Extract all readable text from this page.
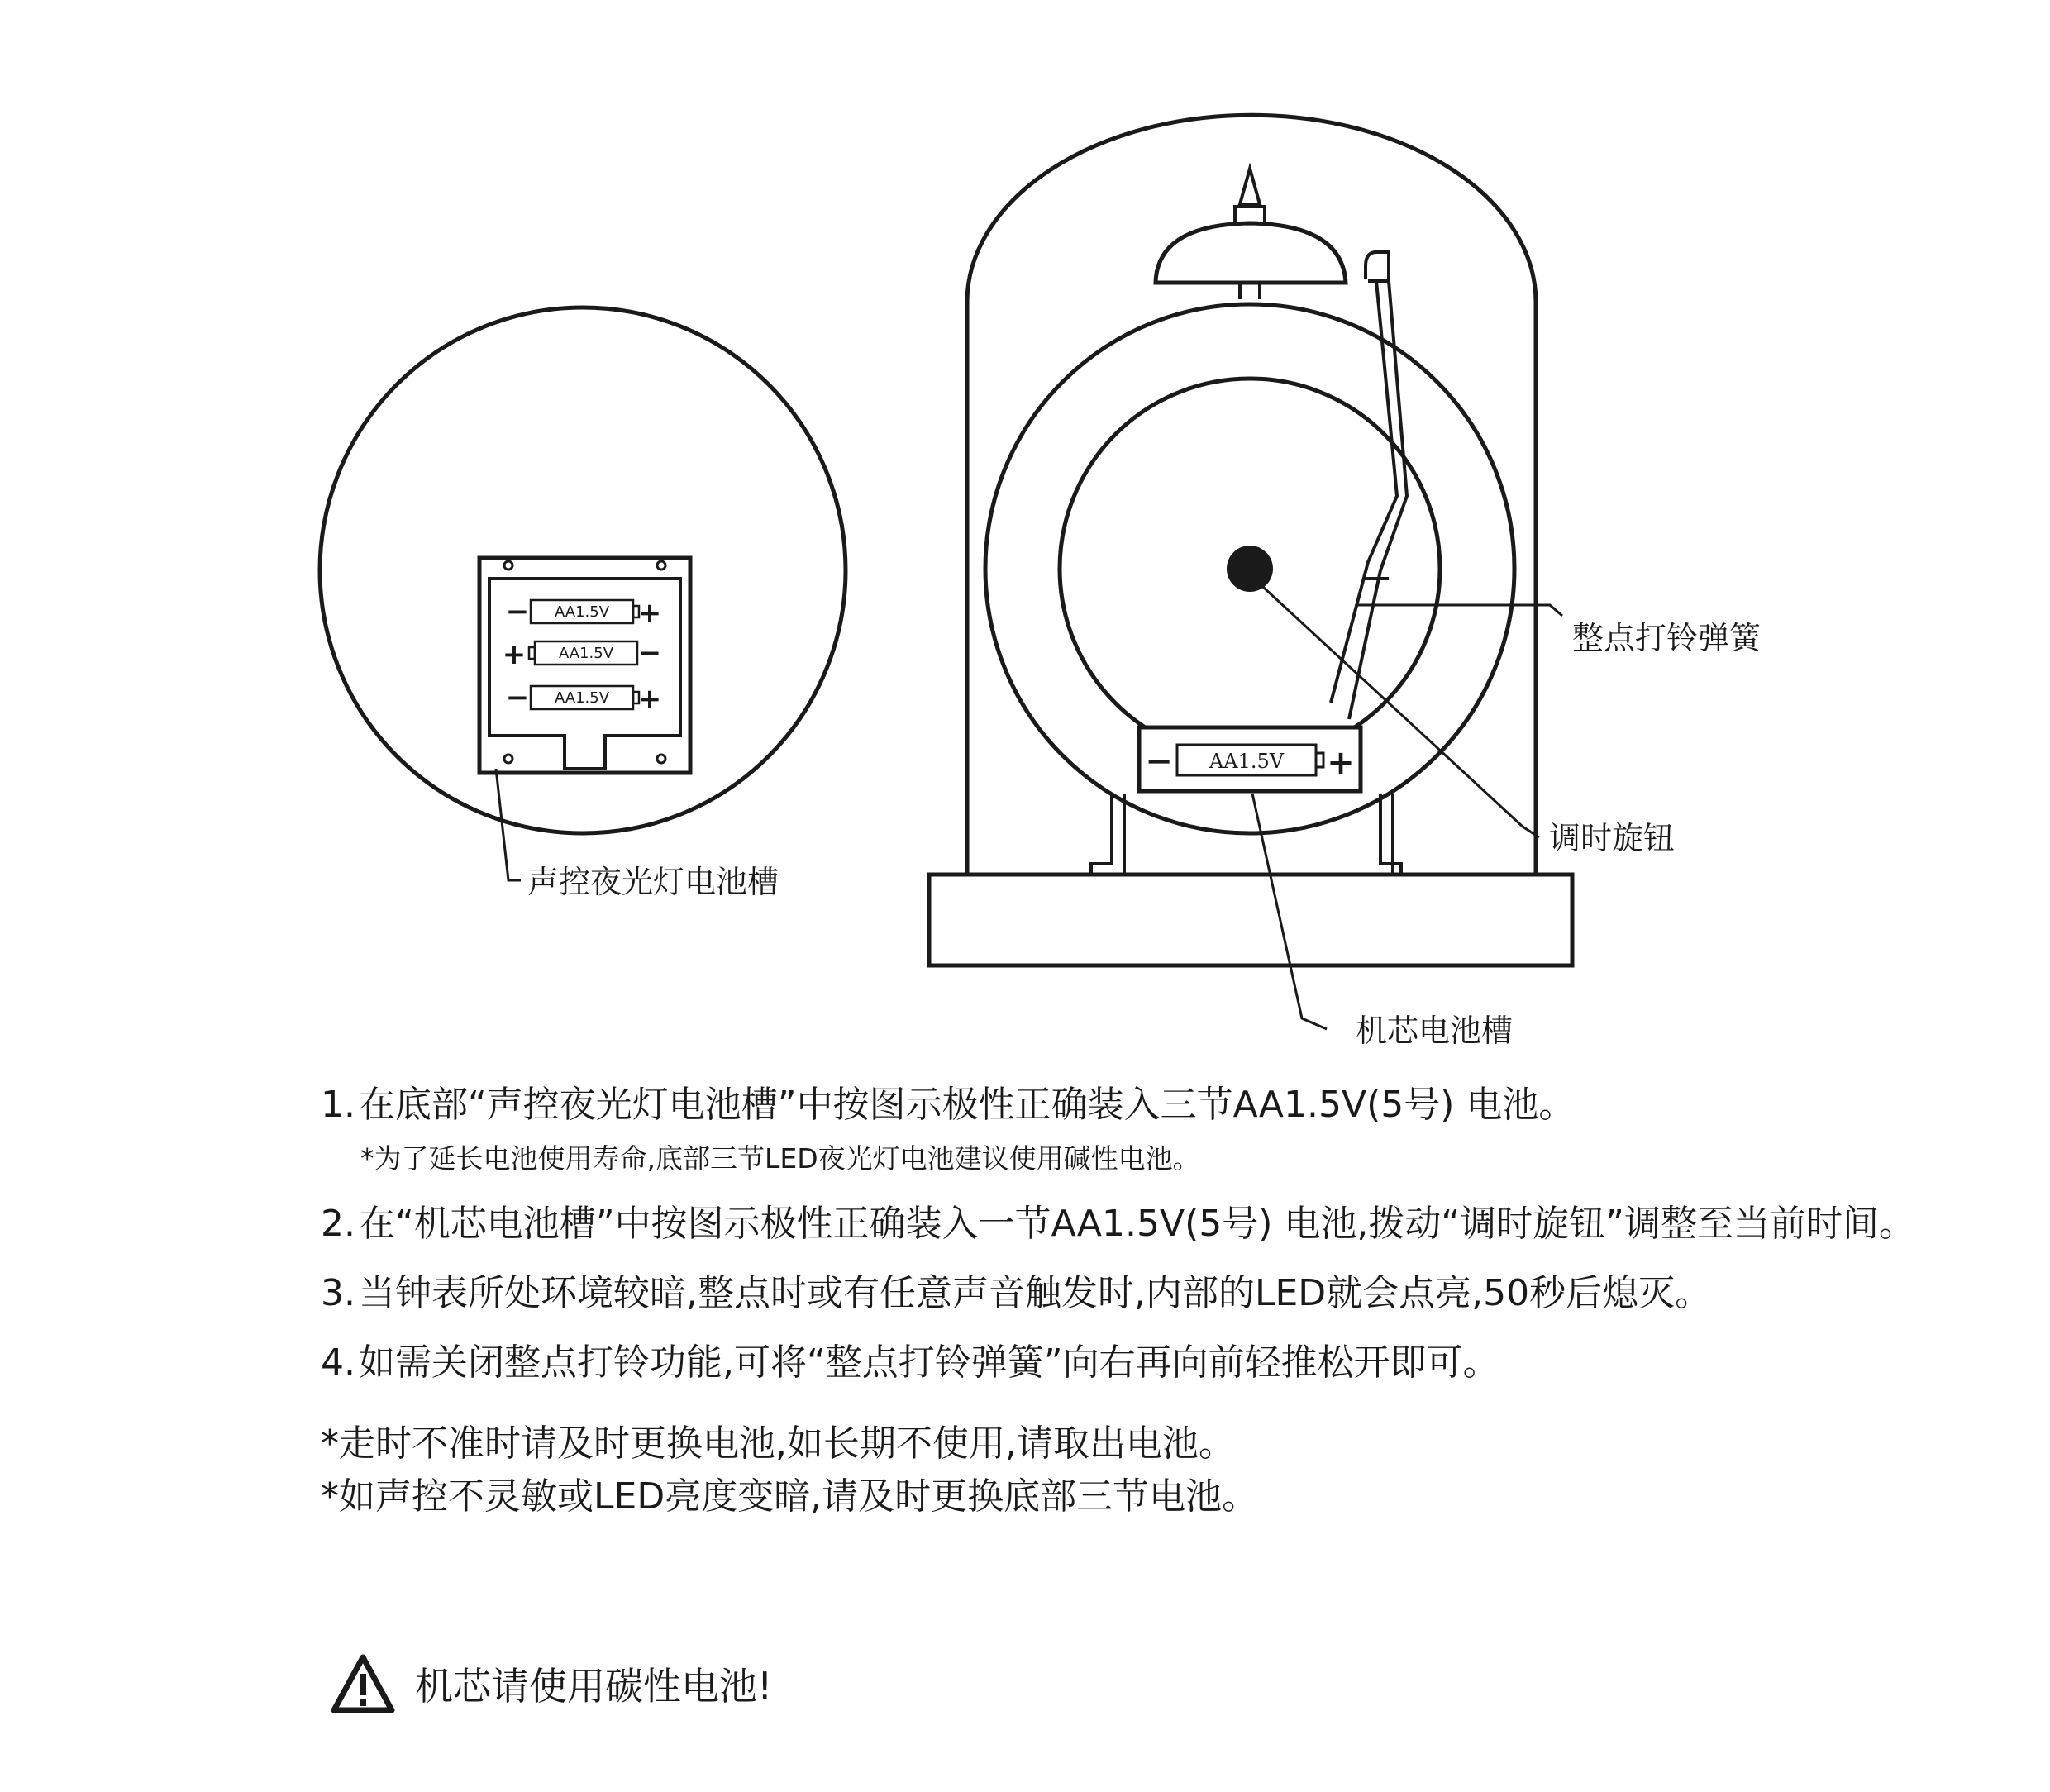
AA1.5V
AA1.5V
AA1.5V
−	+
+	−
−	+
AA1.5V
−	+
声控夜光灯电池槽
整点打铃弹簧
调时旋钮
机芯电池槽
1. 在底部“声控夜光灯电池槽”中按图示极性正确装入三节AA1.5V(5号) 电池。
*为了延长电池使用寿命,底部三节LED夜光灯电池建议使用碱性电池。
2. 在“机芯电池槽”中按图示极性正确装入一节AA1.5V(5号) 电池,拨动“调时旋钮”调整至当前时间。
3. 当钟表所处环境较暗,整点时或有任意声音触发时,内部的LED就会点亮,50秒后熄灭。
4. 如需关闭整点打铃功能,可将“整点打铃弹簧”向右再向前轻推松开即可。

*走时不准时请及时更换电池,如长期不使用,请取出电池。

*如声控不灵敏或LED亮度变暗,请及时更换底部三节电池。

机芯请使用碳性电池!
